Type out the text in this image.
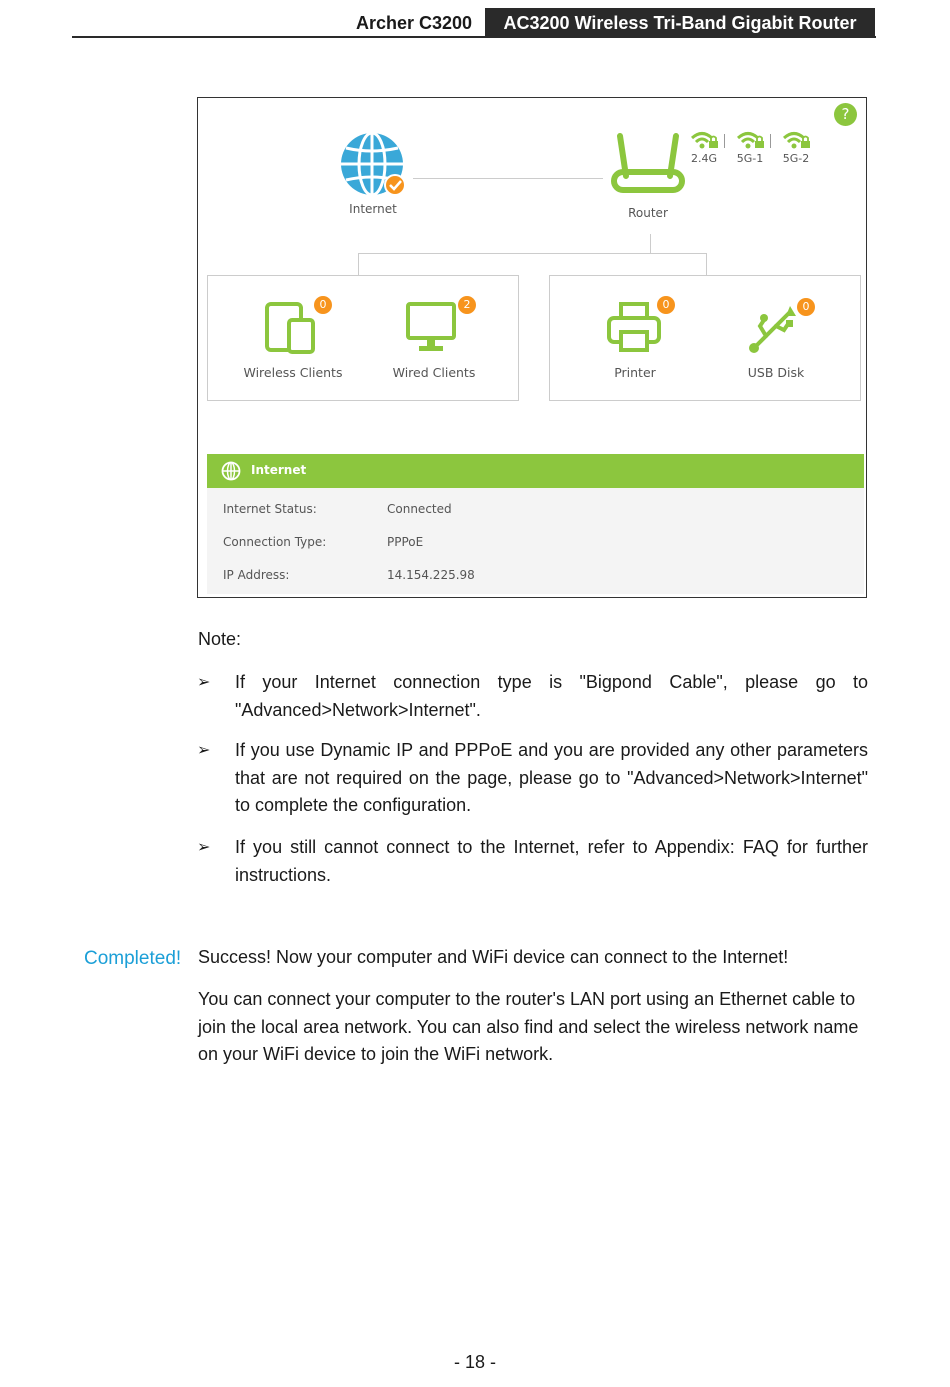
Archer C3200	AC3200 Wireless Tri-Band Gigabit Router
?
Internet	Router
2.4G	5G-1	5G-2
0
Wireless Clients
2
Wired Clients
0
Printer
0
USB Disk
Internet
Internet Status:	Connected
Connection Type:	PPPoE
IP Address:	14.154.225.98
Note:
➢ If your Internet connection type is "Bigpond Cable", please go to "Advanced>Network>Internet".
➢ If you use Dynamic IP and PPPoE and you are provided any other parameters that are not required on the page, please go to "Advanced>Network>Internet" to complete the configuration.
➢ If you still cannot connect to the Internet, refer to Appendix: FAQ for further instructions.
Completed! Success! Now your computer and WiFi device can connect to the Internet!
You can connect your computer to the router's LAN port using an Ethernet cable to join the local area network. You can also find and select the wireless network name on your WiFi device to join the WiFi network.
- 18 -
